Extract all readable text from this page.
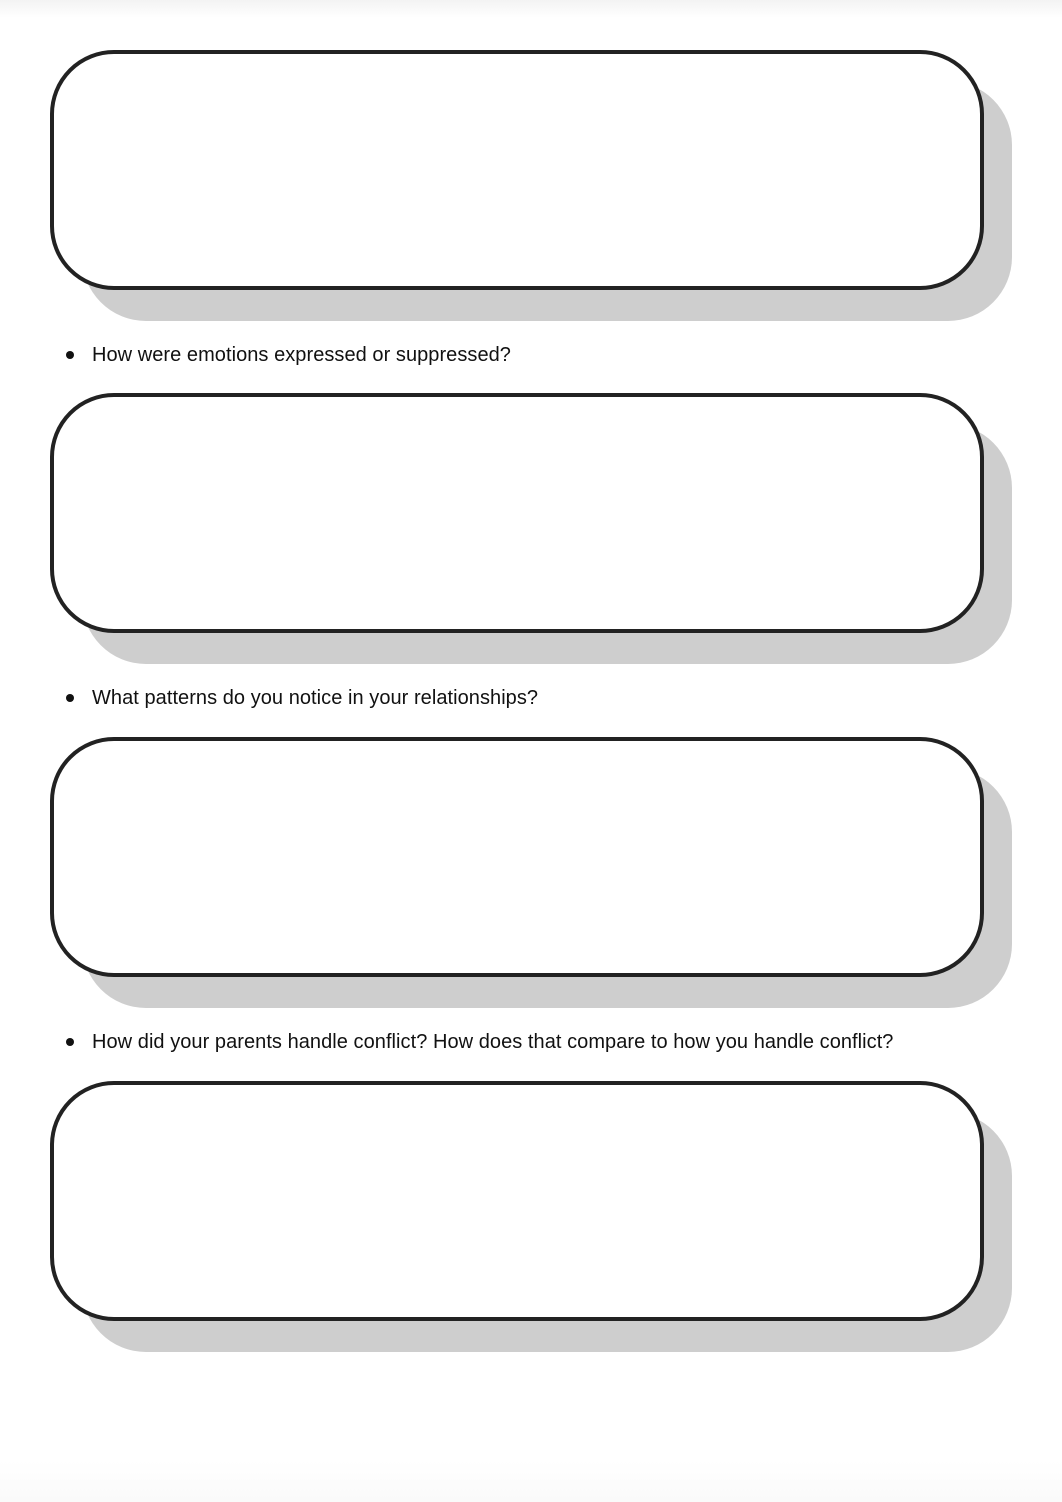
How were emotions expressed or suppressed?
What patterns do you notice in your relationships?
How did your parents handle conflict? How does that compare to how you handle conflict?
